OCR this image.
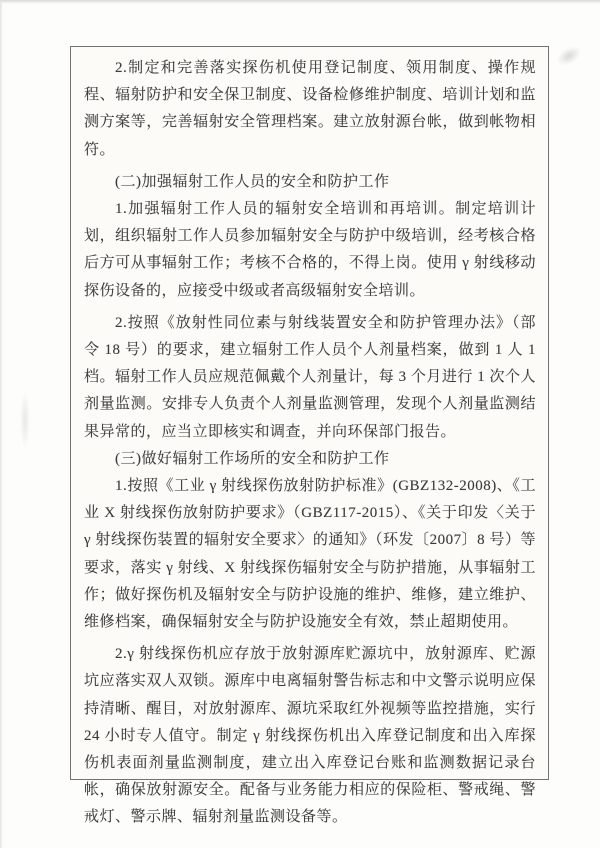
2.制定和完善落实探伤机使用登记制度、领用制度、操作规程、辐射防护和安全保卫制度、设备检修维护制度、培训计划和监测方案等，完善辐射安全管理档案。建立放射源台帐，做到帐物相符。

(二)加强辐射工作人员的安全和防护工作

1.加强辐射工作人员的辐射安全培训和再培训。制定培训计划，组织辐射工作人员参加辐射安全与防护中级培训，经考核合格后方可从事辐射工作；考核不合格的，不得上岗。使用 γ 射线移动探伤设备的，应接受中级或者高级辐射安全培训。

2.按照《放射性同位素与射线装置安全和防护管理办法》（部令 18 号）的要求，建立辐射工作人员个人剂量档案，做到 1 人 1 档。辐射工作人员应规范佩戴个人剂量计，每 3 个月进行 1 次个人剂量监测。安排专人负责个人剂量监测管理，发现个人剂量监测结果异常的，应当立即核实和调查，并向环保部门报告。

(三)做好辐射工作场所的安全和防护工作

1.按照《工业 γ 射线探伤放射防护标准》(GBZ132-2008)、《工业 X 射线探伤放射防护要求》（GBZ117-2015）、《关于印发〈关于 γ 射线探伤装置的辐射安全要求〉的通知》（环发〔2007〕8 号）等要求，落实 γ 射线、X 射线探伤辐射安全与防护措施，从事辐射工作；做好探伤机及辐射安全与防护设施的维护、维修，建立维护、维修档案，确保辐射安全与防护设施安全有效，禁止超期使用。

2.γ 射线探伤机应存放于放射源库贮源坑中，放射源库、贮源坑应落实双人双锁。源库中电离辐射警告标志和中文警示说明应保持清晰、醒目，对放射源库、源坑采取红外视频等监控措施，实行 24 小时专人值守。制定 γ 射线探伤机出入库登记制度和出入库探伤机表面剂量监测制度，建立出入库登记台账和监测数据记录台帐，确保放射源安全。配备与业务能力相应的保险柜、警戒绳、警戒灯、警示牌、辐射剂量监测设备等。
